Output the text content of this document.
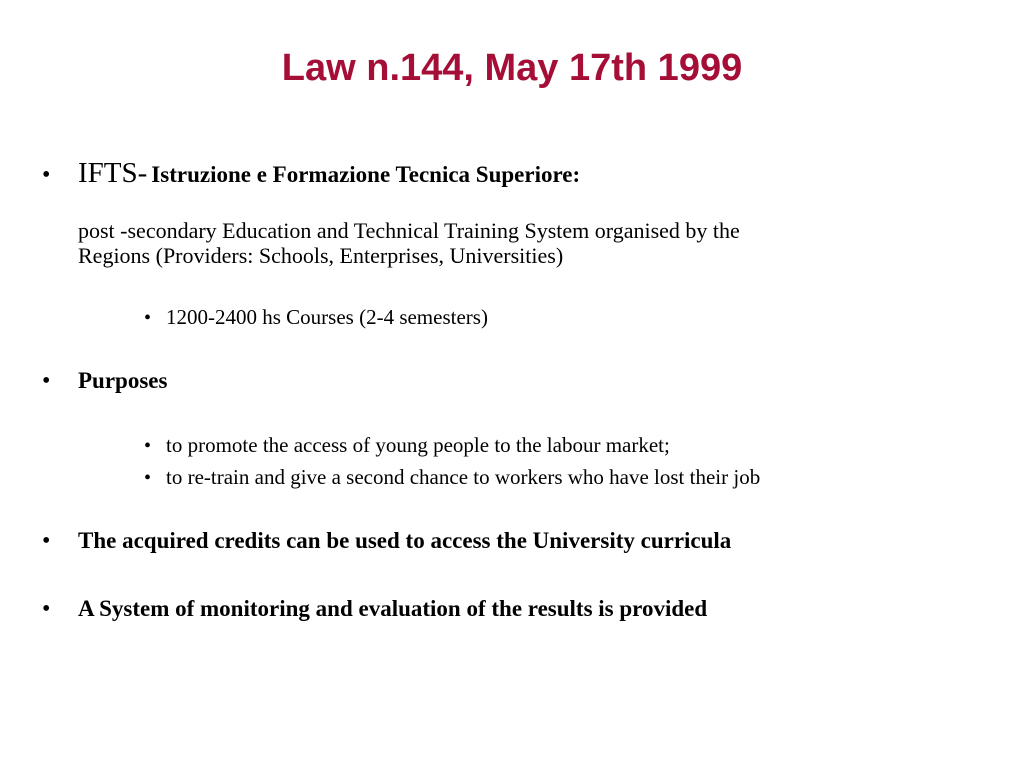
Law n.144, May 17th 1999
• IFTS- Istruzione e Formazione Tecnica Superiore:
post -secondary Education and Technical Training System organised by the
Regions (Providers: Schools, Enterprises, Universities)
• 1200-2400 hs Courses (2-4 semesters)
• Purposes
• to promote the access of young people to the labour market;
• to re-train and give a second chance to workers who have lost their job
• The acquired credits can be used to access the University curricula
• A System of monitoring and evaluation of the results is provided
